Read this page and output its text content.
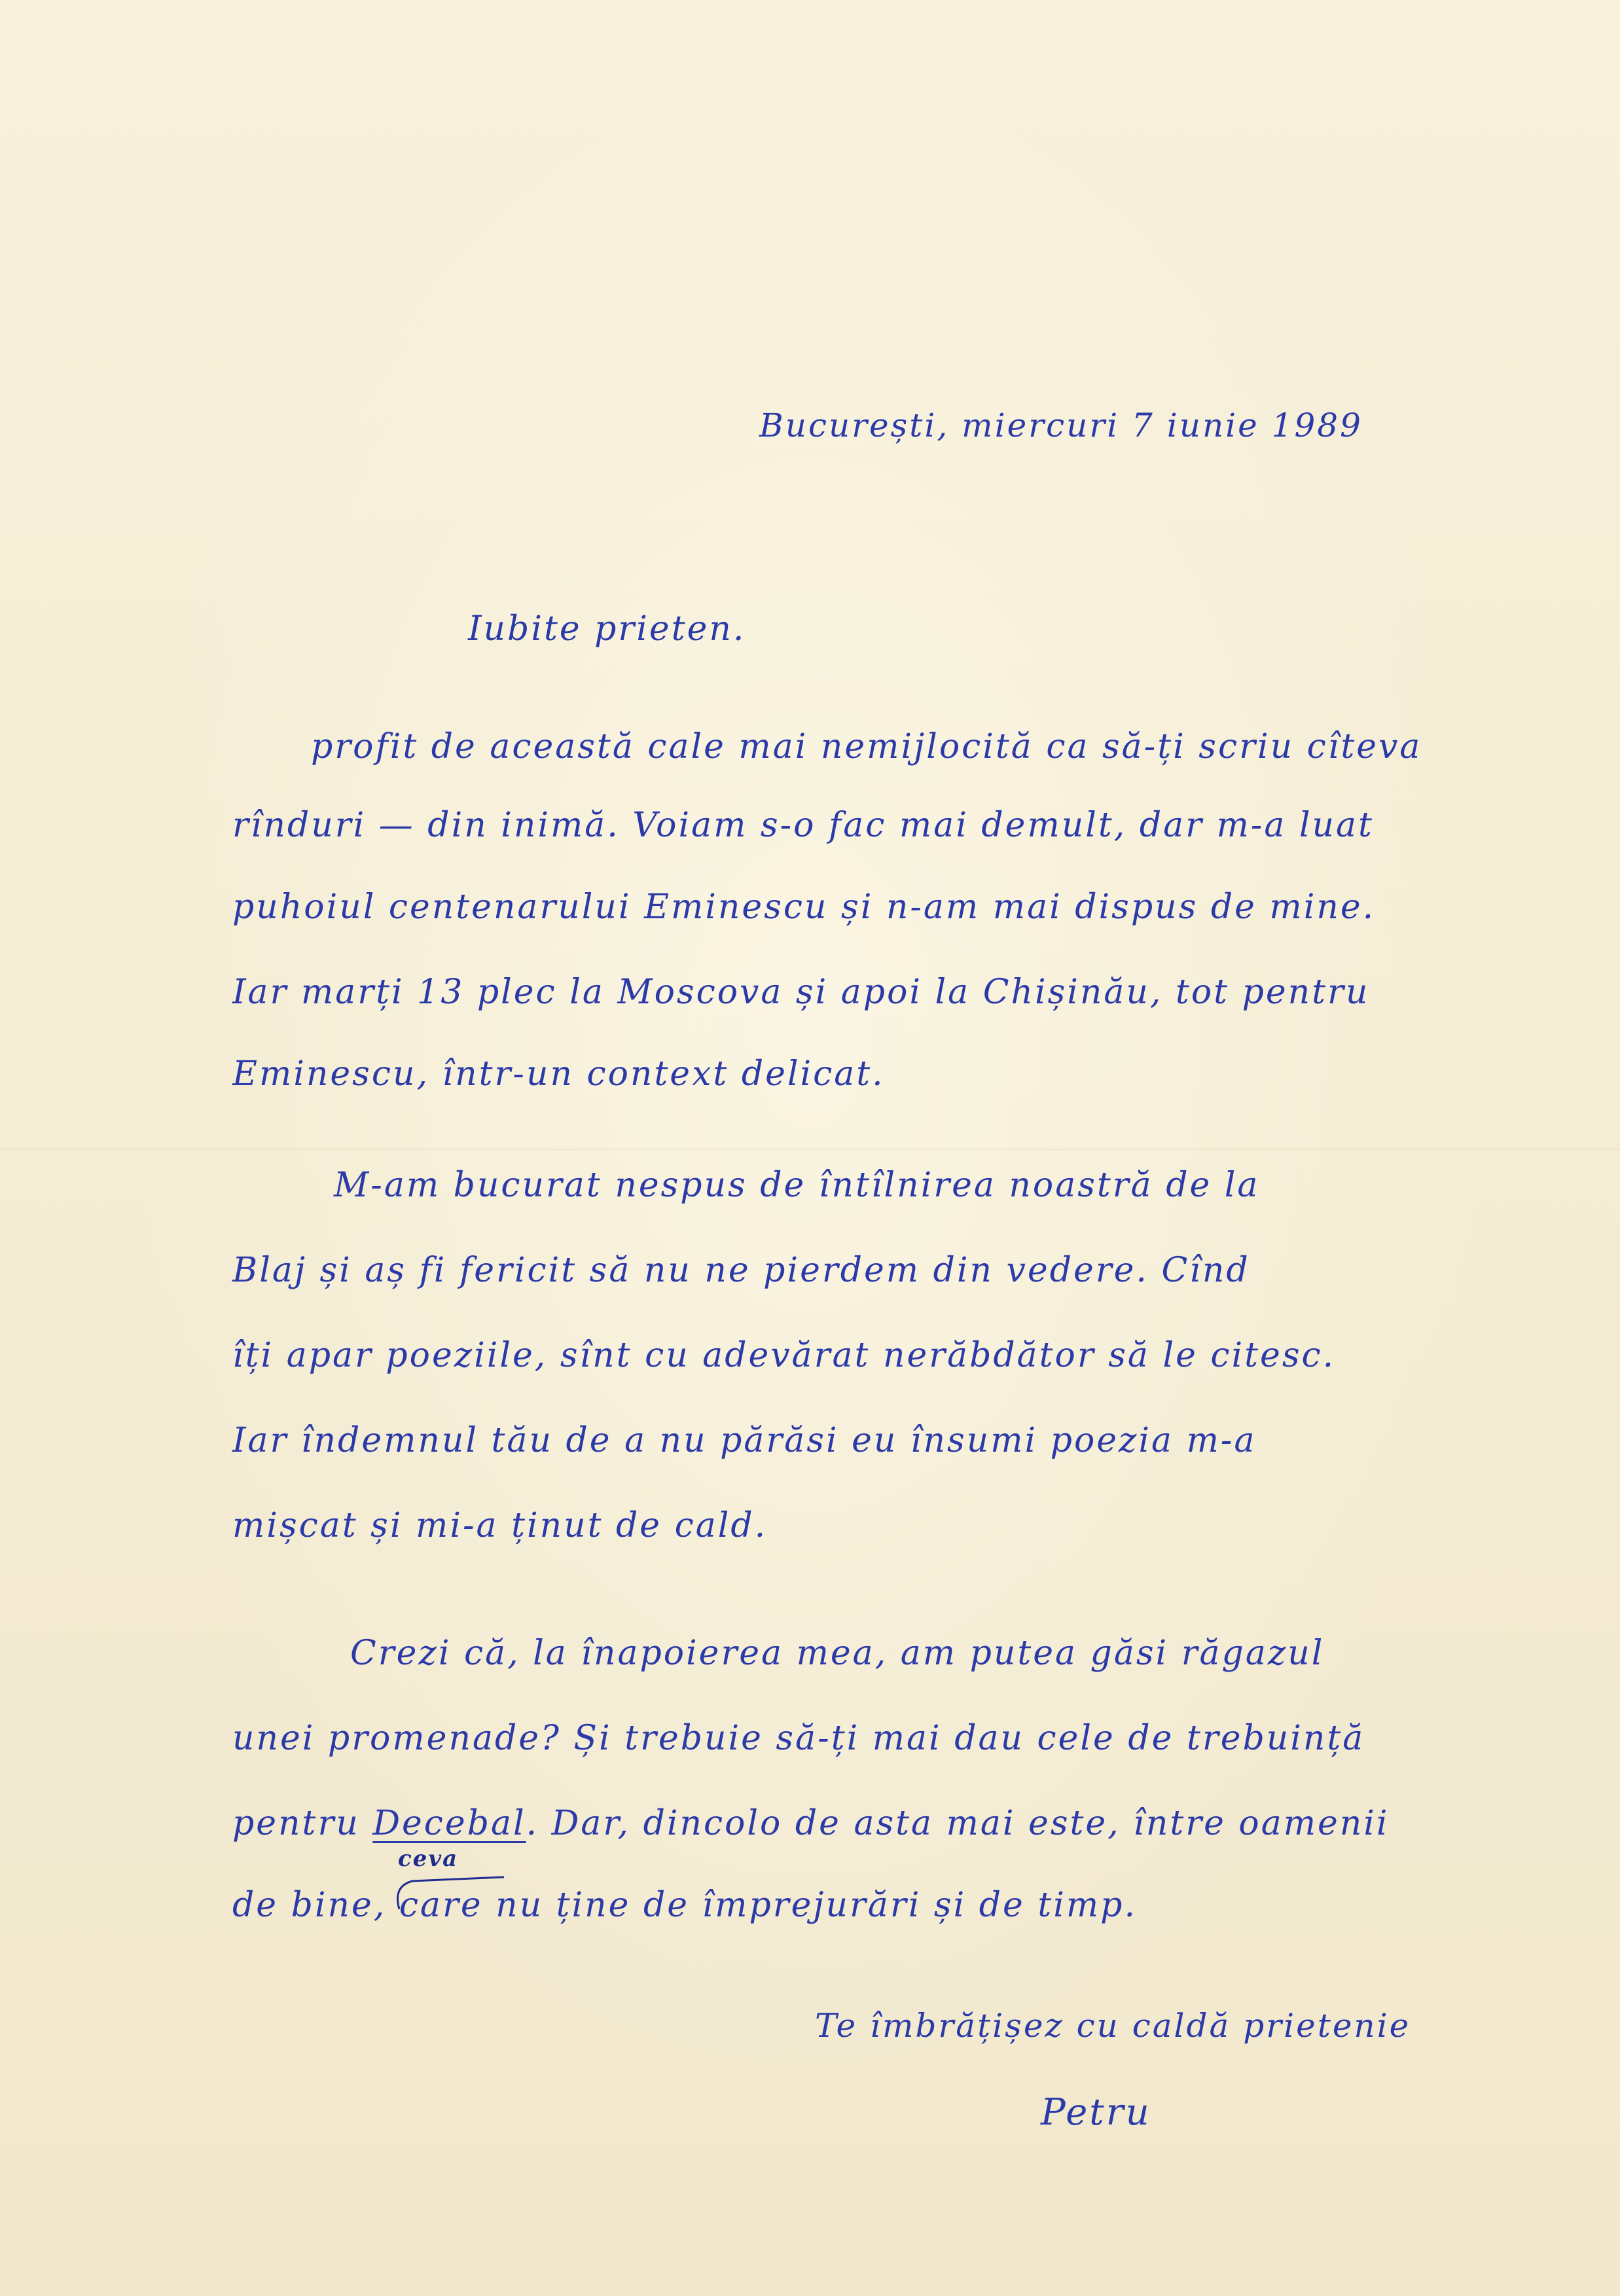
București, miercuri 7 iunie 1989

Iubite prieten.

profit de această cale mai nemijlocită ca să-ți scriu cîteva

rînduri — din inimă. Voiam s-o fac mai demult, dar m-a luat

puhoiul centenarului Eminescu și n-am mai dispus de mine.

Iar marți 13 plec la Moscova și apoi la Chișinău, tot pentru

Eminescu, într-un context delicat.

M-am bucurat nespus de întîlnirea noastră de la

Blaj și aș fi fericit să nu ne pierdem din vedere. Cînd

îți apar poeziile, sînt cu adevărat nerăbdător să le citesc.

Iar îndemnul tău de a nu părăsi eu însumi poezia m-a

mișcat și mi-a ținut de cald.

Crezi că, la înapoierea mea, am putea găsi răgazul

unei promenade? Și trebuie să-ți mai dau cele de trebuință

pentru Decebal. Dar, dincolo de asta mai este, între oamenii

ceva

de bine, care nu ține de împrejurări și de timp.

Te îmbrățișez cu caldă prietenie

Petru
